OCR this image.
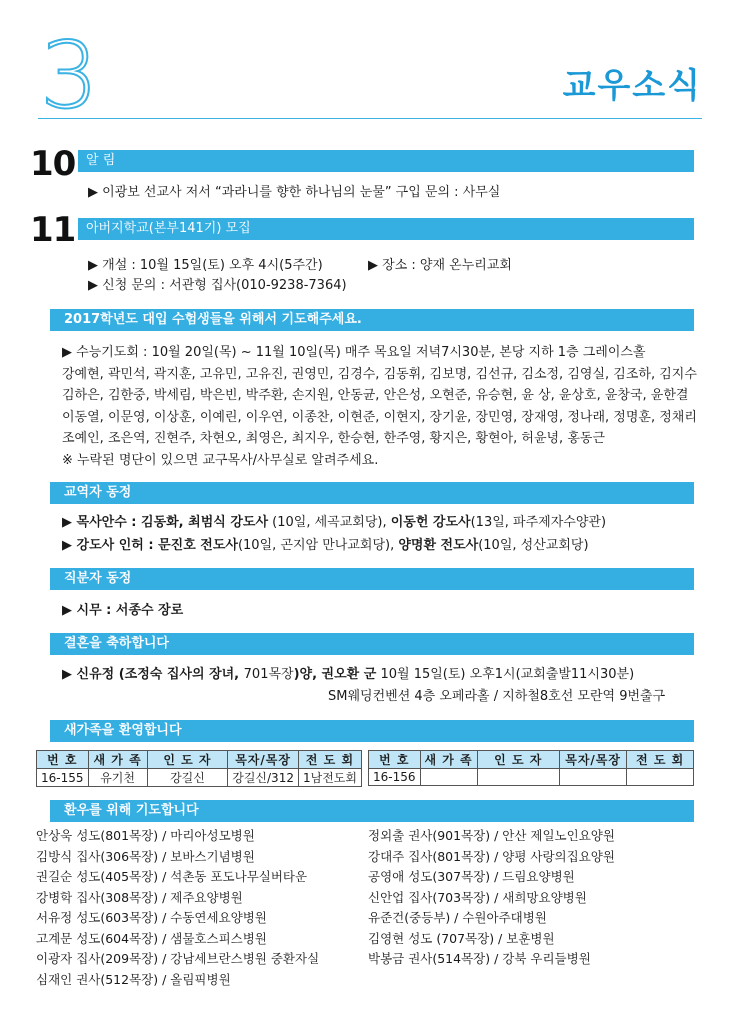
3	교우소식
10 알 림
▶ 이광보 선교사 저서 “과라니를 향한 하나님의 눈물” 구입 문의 : 사무실
11 아버지학교(본부141기) 모집
▶ 개설 : 10월 15일(토) 오후 4시(5주간)	▶ 장소 : 양재 온누리교회
▶ 신청 문의 : 서관형 집사(010-9238-7364)
2017학년도 대입 수험생들을 위해서 기도해주세요.
▶ 수능기도회 : 10월 20일(목) ~ 11월 10일(목) 매주 목요일 저녁7시30분, 본당 지하 1층 그레이스홀
강예현, 곽민석, 곽지훈, 고유민, 고유진, 권영민, 김경수, 김동휘, 김보명, 김선규, 김소정, 김영실, 김조하, 김지수
김하은, 김한중, 박세림, 박은빈, 박주환, 손지원, 안동균, 안은성, 오현준, 유승현, 윤 상, 윤상호, 윤창국, 윤한결
이동열, 이문영, 이상훈, 이예린, 이우연, 이종찬, 이현준, 이현지, 장기윤, 장민영, 장재영, 정나래, 정명훈, 정채리
조예인, 조은역, 진현주, 차현오, 최영은, 최지우, 한승현, 한주영, 황지은, 황현아, 허윤녕, 홍동근
※ 누락된 명단이 있으면 교구목사/사무실로 알려주세요.
교역자 동정
▶ 목사안수 : 김동화, 최범식 강도사 (10일, 세곡교회당), 이동헌 강도사(13일, 파주제자수양관)
▶ 강도사 인허 : 문진호 전도사(10일, 곤지암 만나교회당), 양명환 전도사(10일, 성산교회당)
직분자 동정
▶ 시무 : 서종수 장로
결혼을 축하합니다
▶ 신유정 (조정숙 집사의 장녀, 701목장)양, 권오환 군 10월 15일(토) 오후1시(교회출발11시30분)
SM웨딩컨벤션 4층 오페라홀 / 지하철8호선 모란역 9번출구
새가족을 환영합니다
번 호	새 가 족	인 도 자	목자/목장	전 도 회
16-155	유기천	강길신	강길신/312	1남전도회
번 호	새 가 족	인 도 자	목자/목장	전 도 회
16-156				
환우를 위해 기도합니다
안상욱 성도(801목장) / 마리아성모병원
김방식 집사(306목장) / 보바스기념병원
권길순 성도(405목장) / 석촌동 포도나무실버타운
강병학 집사(308목장) / 제주요양병원
서유정 성도(603목장) / 수동연세요양병원
고계문 성도(604목장) / 샘물호스피스병원
이광자 집사(209목장) / 강남세브란스병원 중환자실
심재인 권사(512목장) / 올림픽병원
정외출 권사(901목장) / 안산 제일노인요양원
강대주 집사(801목장) / 양평 사랑의집요양원
공영애 성도(307목장) / 드림요양병원
신안업 집사(703목장) / 새희망요양병원
유준건(중등부) / 수원아주대병원
김영현 성도 (707목장) / 보훈병원
박봉금 권사(514목장) / 강북 우리들병원
